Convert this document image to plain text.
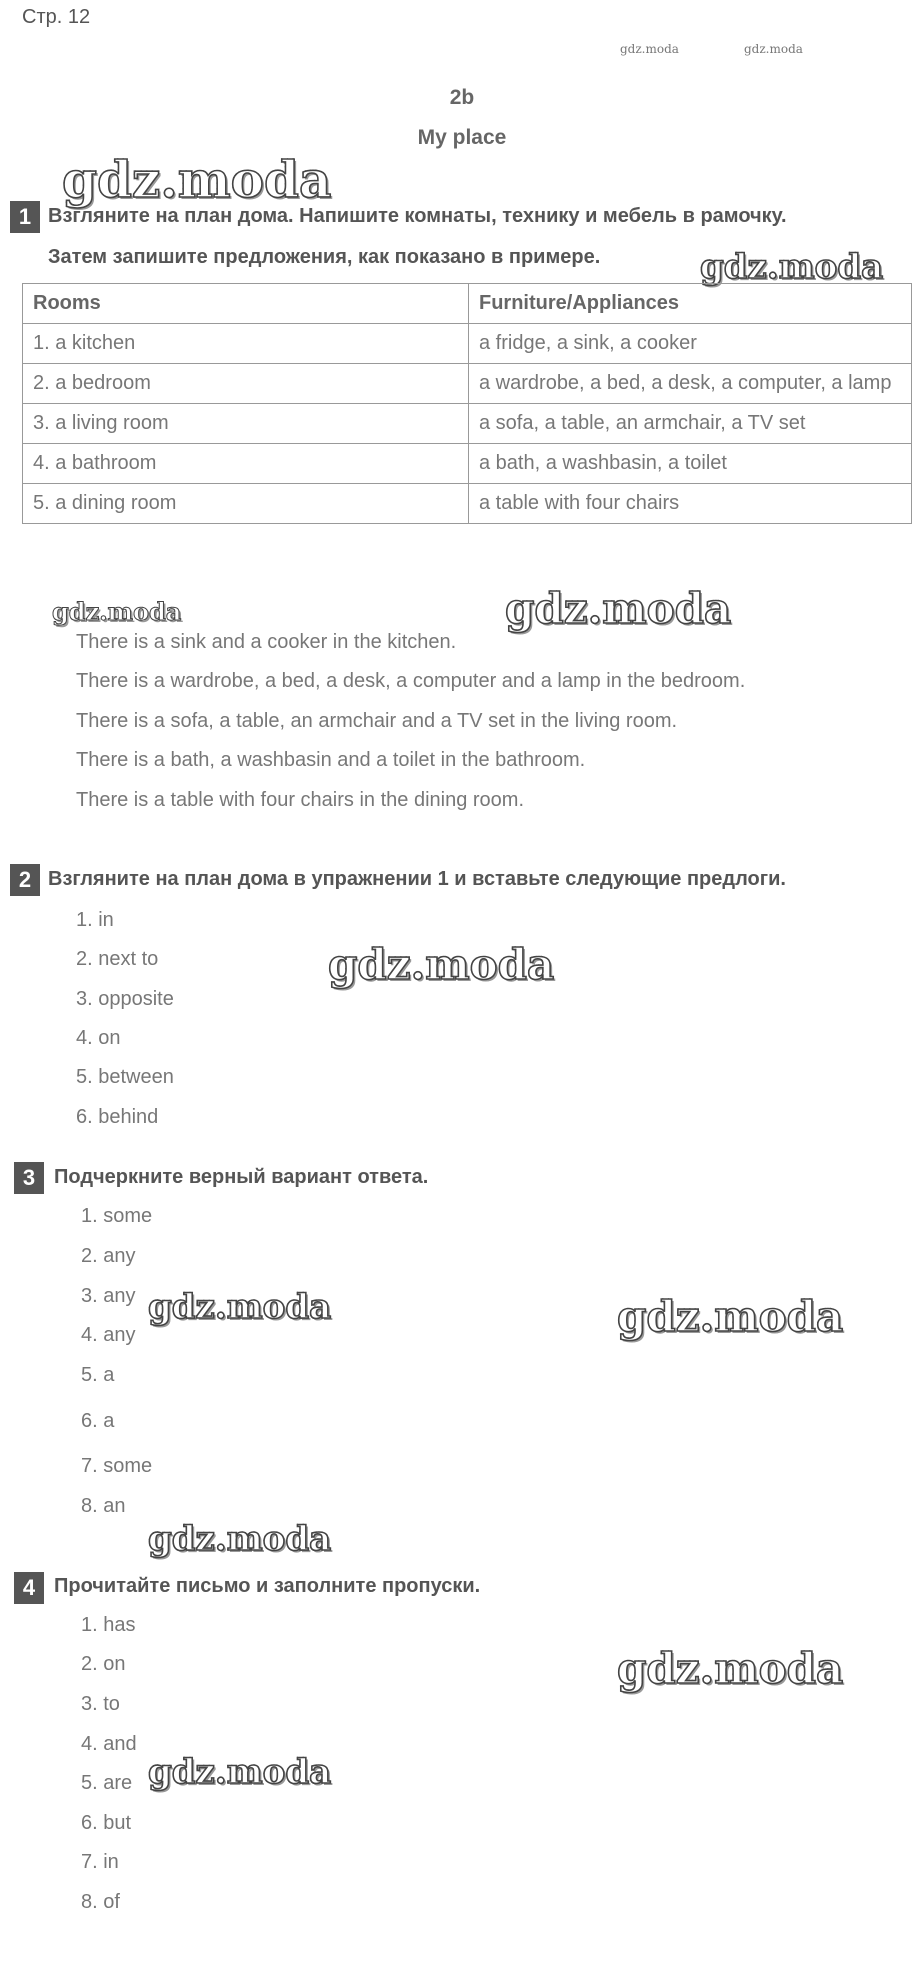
Стр. 12
gdz.moda	gdz.moda
2b
My place
gdz.moda
1 Взгляните на план дома. Напишите комнаты, технику и мебель в рамочку.
Затем запишите предложения, как показано в примере.	gdz.moda
Rooms	Furniture/Appliances
1. a kitchen	a fridge, a sink, a cooker
2. a bedroom	a wardrobe, a bed, a desk, a computer, a lamp
3. a living room	a sofa, a table, an armchair, a TV set
4. a bathroom	a bath, a washbasin, a toilet
5. a dining room	a table with four chairs
gdz.moda	gdz.moda
There is a sink and a cooker in the kitchen.
There is a wardrobe, a bed, a desk, a computer and a lamp in the bedroom.
There is a sofa, a table, an armchair and a TV set in the living room.
There is a bath, a washbasin and a toilet in the bathroom.
There is a table with four chairs in the dining room.
2 Взгляните на план дома в упражнении 1 и вставьте следующие предлоги.
gdz.moda
1. in
2. next to
3. opposite
4. on
5. between
6. behind
3 Подчеркните верный вариант ответа.
1. some
2. any
3. any
4. any
5. a
6. a
7. some
8. an
gdz.moda	gdz.moda
gdz.moda
4 Прочитайте письмо и заполните пропуски.
1. has
2. on
3. to
4. and
5. are
6. but
7. in
8. of
gdz.moda
gdz.moda
